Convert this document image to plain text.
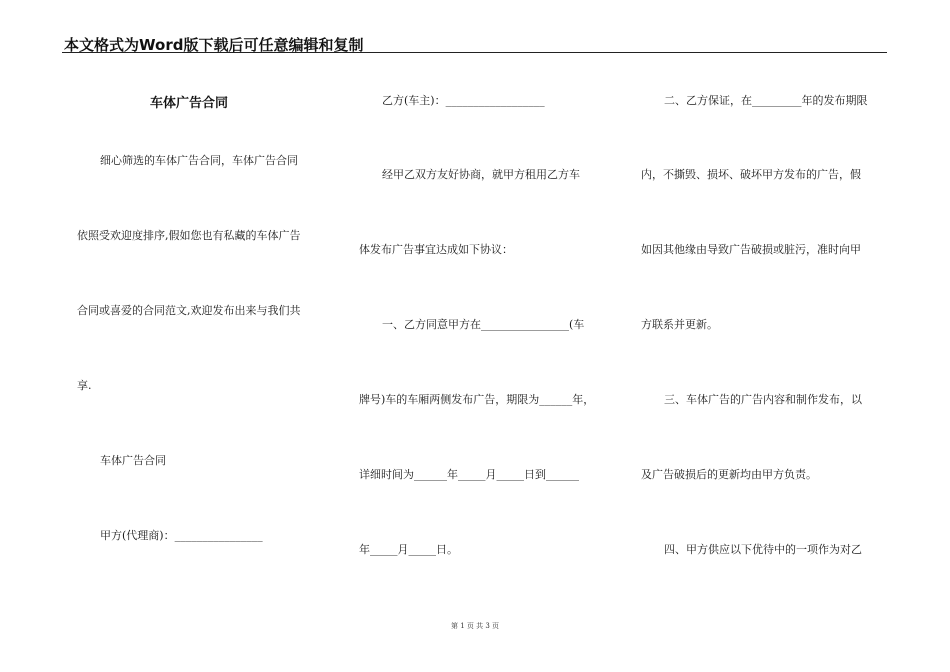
本文格式为Word版下载后可任意编辑和复制
车体广告合同
细心筛选的车体广告合同，车体广告合同
依照受欢迎度排序,假如您也有私藏的车体广告
合同或喜爱的合同范文,欢迎发布出来与我们共
享.
车体广告合同
甲方(代理商)：________________
乙方(车主)：__________________
经甲乙双方友好协商，就甲方租用乙方车
体发布广告事宜达成如下协议：
一、乙方同意甲方在________________(车
牌号)车的车厢两侧发布广告，期限为______年，
详细时间为______年_____月_____日到______
年_____月_____日。
二、乙方保证，在_________年的发布期限
内，不撕毁、损坏、破坏甲方发布的广告，假
如因其他缘由导致广告破损或脏污，准时向甲
方联系并更新。
三、车体广告的广告内容和制作发布，以
及广告破损后的更新均由甲方负责。
四、甲方供应以下优待中的一项作为对乙
第 1 页 共 3 页
